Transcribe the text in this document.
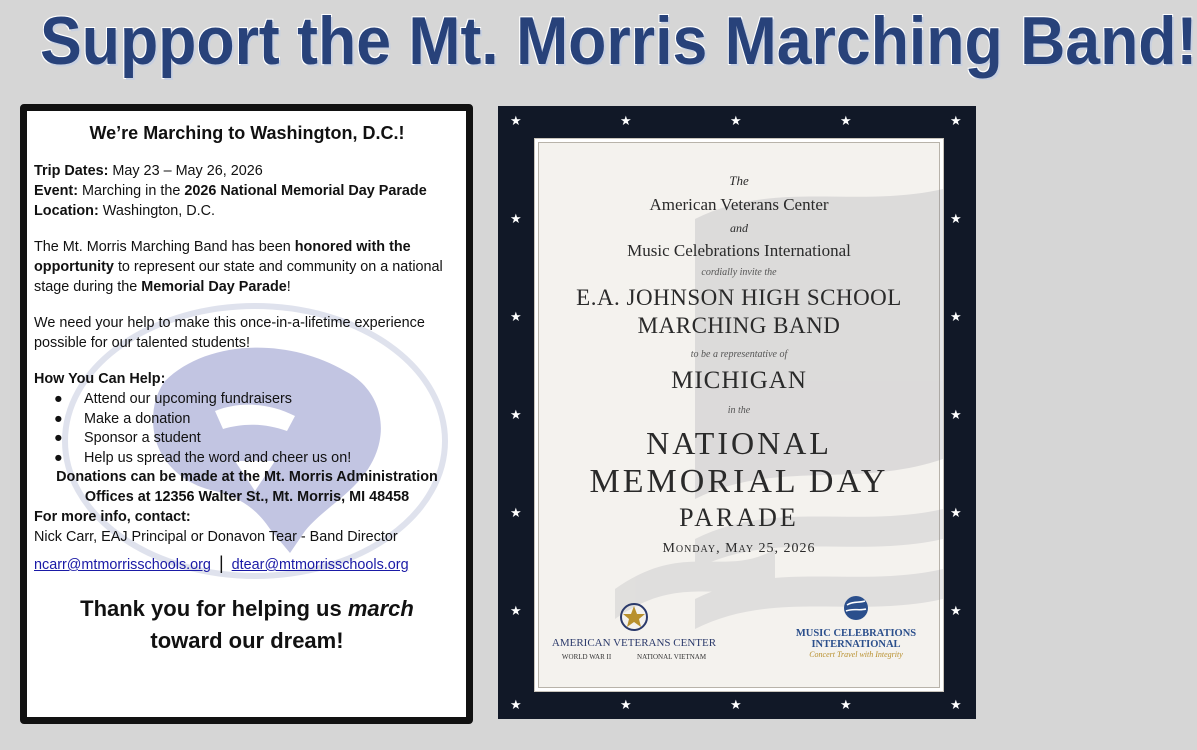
Support the Mt. Morris Marching Band!
We’re Marching to Washington, D.C.!

Trip Dates: May 23 – May 26, 2026

Event: Marching in the 2026 National Memorial Day Parade

Location: Washington, D.C.

The Mt. Morris Marching Band has been honored with the opportunity to represent our state and community on a national stage during the Memorial Day Parade!

We need your help to make this once-in-a-lifetime experience possible for our talented students!

How You Can Help:

● Attend our upcoming fundraisers
● Make a donation
● Sponsor a student
● Help us spread the word and cheer us on!

Donations can be made at the Mt. Morris Administration Offices at 12356 Walter St., Mt. Morris, MI 48458

For more info, contact:

Nick Carr, EAJ Principal or Donavon Tear - Band Director

ncarr@mtmorrisschools.org | dtear@mtmorrisschools.org

Thank you for helping us march
toward our dream!
★	★	★	★	★
★	★	★	★	★
★
★
★
★
★
★
★
★
★
★
The
American Veterans Center
and
Music Celebrations International
cordially invite the
E.A. JOHNSON HIGH SCHOOL
MARCHING BAND
to be a representative of
MICHIGAN
in the
NATIONAL
MEMORIAL DAY
PARADE
Monday, May 25, 2026
AMERICAN VETERANS CENTER
WORLD WAR II	NATIONAL VIETNAM
MUSIC CELEBRATIONS
INTERNATIONAL
Concert Travel with Integrity
